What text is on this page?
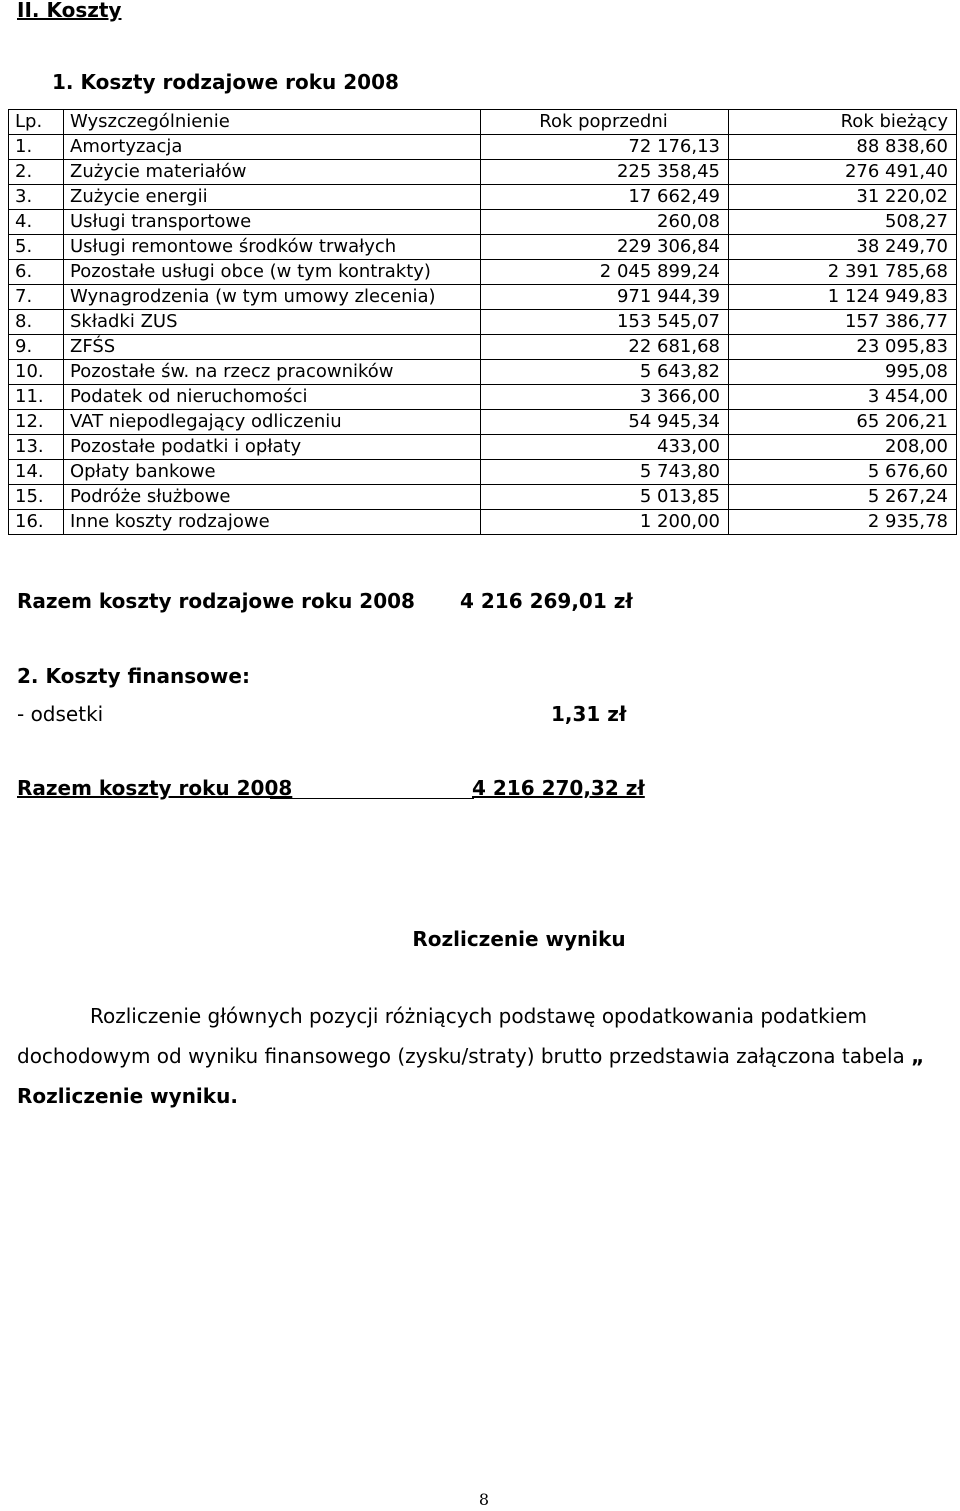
II. Koszty
1. Koszty rodzajowe roku 2008
Lp.	Wyszczególnienie	Rok poprzedni	Rok bieżący
1.	Amortyzacja	72 176,13	88 838,60
2.	Zużycie materiałów	225 358,45	276 491,40
3.	Zużycie energii	17 662,49	31 220,02
4.	Usługi transportowe	260,08	508,27
5.	Usługi remontowe środków trwałych	229 306,84	38 249,70
6.	Pozostałe usługi obce (w tym kontrakty)	2 045 899,24	2 391 785,68
7.	Wynagrodzenia (w tym umowy zlecenia)	971 944,39	1 124 949,83
8.	Składki ZUS	153 545,07	157 386,77
9.	ZFŚS	22 681,68	23 095,83
10.	Pozostałe św. na rzecz pracowników	5 643,82	995,08
11.	Podatek od nieruchomości	3 366,00	3 454,00
12.	VAT niepodlegający odliczeniu	54 945,34	65 206,21
13.	Pozostałe podatki i opłaty	433,00	208,00
14.	Opłaty bankowe	5 743,80	5 676,60
15.	Podróże służbowe	5 013,85	5 267,24
16.	Inne koszty rodzajowe	1 200,00	2 935,78
Razem koszty rodzajowe roku 2008 4 216 269,01 zł
2. Koszty finansowe:
- odsetki	1,31 zł
Razem koszty roku 2008	4 216 270,32 zł
Rozliczenie wyniku
Rozliczenie głównych pozycji różniących podstawę opodatkowania podatkiem dochodowym od wyniku finansowego (zysku/straty) brutto przedstawia załączona tabela „ Rozliczenie wyniku.
8
